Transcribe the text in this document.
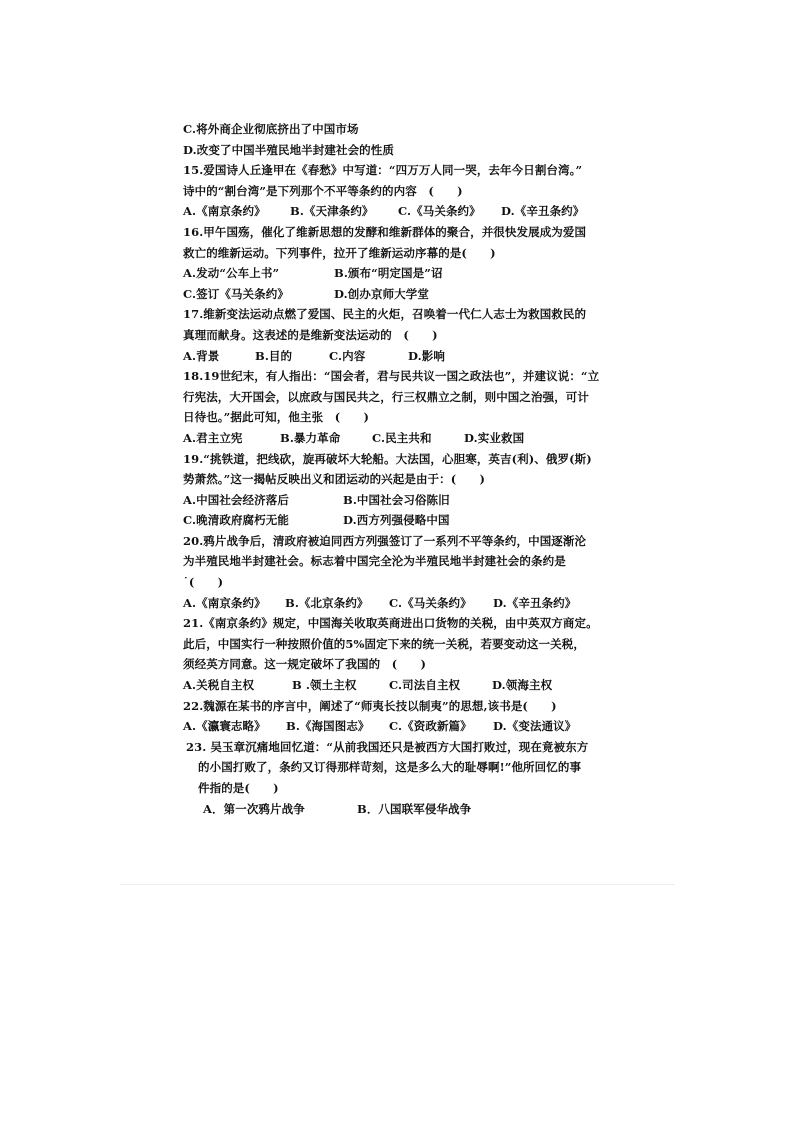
C.将外商企业彻底挤出了中国市场
D.改变了中国半殖民地半封建社会的性质
15.爱国诗人丘逢甲在《春愁》中写道：“四万万人同一哭，去年今日割台湾。”
诗中的“割台湾”是下列那个不平等条约的内容　(　　)
A.《南京条约》	B.《天津条约》	C.《马关条约》	D.《辛丑条约》
16.甲午国殇，催化了维新思想的发酵和维新群体的聚合，并很快发展成为爱国
救亡的维新运动。下列事件，拉开了维新运动序幕的是(　　)
A.发动“公车上书”	B.颁布“明定国是”诏
C.签订《马关条约》	D.创办京师大学堂
17.维新变法运动点燃了爱国、民主的火炬，召唤着一代仁人志士为救国救民的
真理而献身。这表述的是维新变法运动的　(　　)
A.背景	B.目的	C.内容	D.影响
18.19世纪末，有人指出：“国会者，君与民共议一国之政法也”，并建议说：“立
行宪法，大开国会，以庶政与国民共之，行三权鼎立之制，则中国之治强，可计
日待也。”据此可知，他主张　(　　)
A.君主立宪	B.暴力革命	C.民主共和	D.实业救国
19.“挑铁道，把线砍，旋再破坏大轮船。大法国，心胆寒，英吉(利)、俄罗(斯)
势萧然。”这一揭帖反映出义和团运动的兴起是由于：(　　)
A.中国社会经济落后	B.中国社会习俗陈旧
C.晚清政府腐朽无能	D.西方列强侵略中国
20.鸦片战争后，清政府被迫同西方列强签订了一系列不平等条约，中国逐渐沦
为半殖民地半封建社会。标志着中国完全沦为半殖民地半封建社会的条约是
˙(　　)
A.《南京条约》	B.《北京条约》	C.《马关条约》	D.《辛丑条约》
21.《南京条约》规定，中国海关收取英商进出口货物的关税，由中英双方商定。
此后，中国实行一种按照价值的5%固定下来的统一关税，若要变动这一关税，
须经英方同意。这一规定破坏了我国的　(　　)
A.关税自主权	B .领土主权	C.司法自主权	D.领海主权
22.魏源在某书的序言中，阐述了“师夷长技以制夷”的思想,该书是(　　)
A.《瀛寰志略》	B.《海国图志》	C.《资政新篇》	D.《变法通议》
23. 吴玉章沉痛地回忆道：“从前我国还只是被西方大国打败过，现在竟被东方
的小国打败了，条约又订得那样苛刻，这是多么大的耻辱啊!”他所回忆的事
件指的是(　　)
A．第一次鸦片战争	B．八国联军侵华战争
